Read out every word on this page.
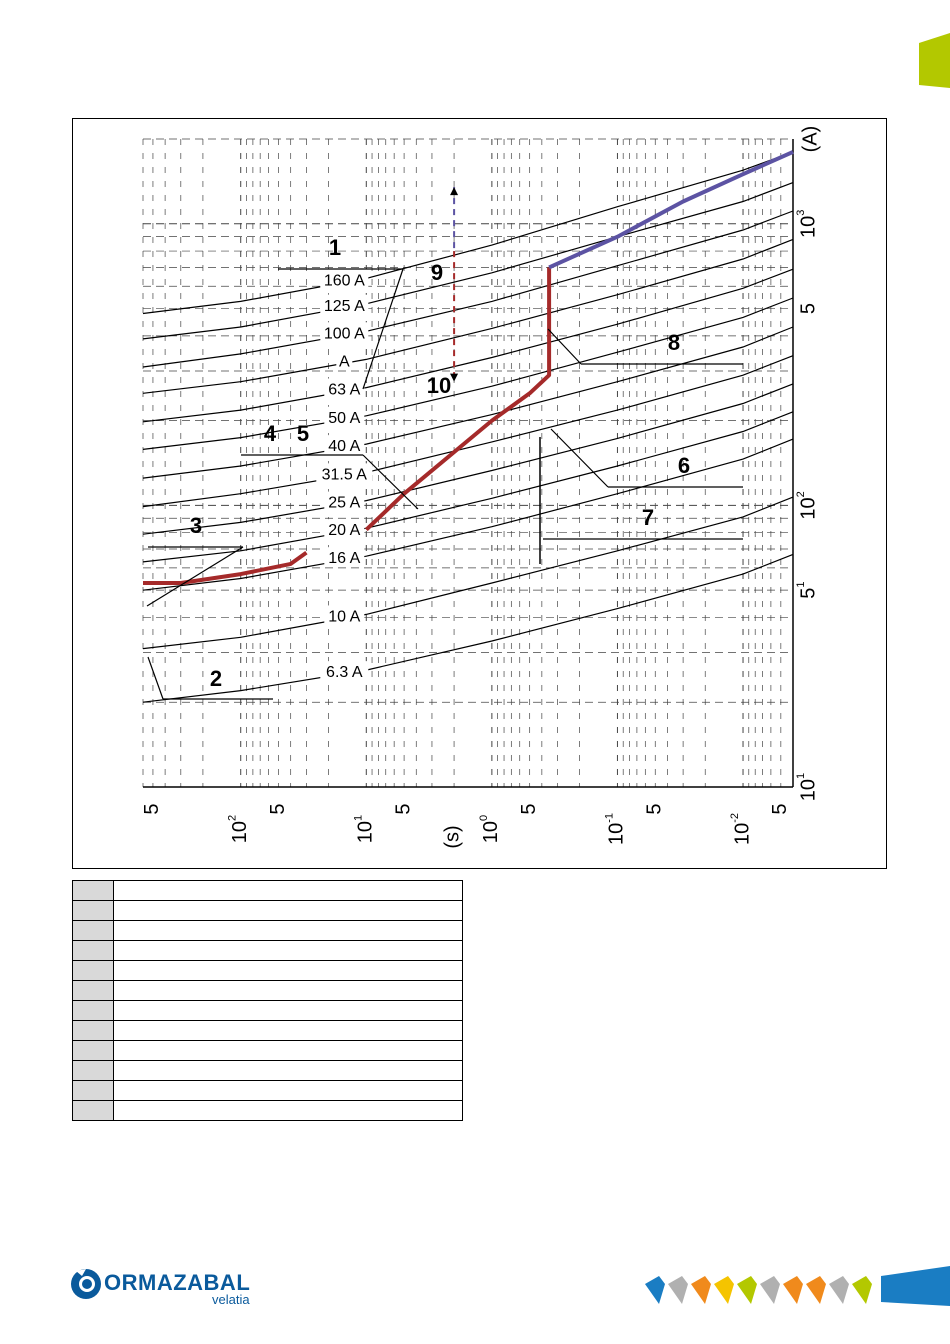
5
$10^2$
5
$10^1$
5
$10^0$
5
$10^{-1}$
5
$10^{-2}$
5
$10^1$
$5^1$
$10^2$
5
$10^3$
(s)
(A)
160 A
125 A
100 A
A
63 A
50 A
40 A
31.5 A
25 A
20 A
16 A
10 A
6.3 A
1
2
3
4 5
6
7
8
9
10

ORMAZABAL
velatia
